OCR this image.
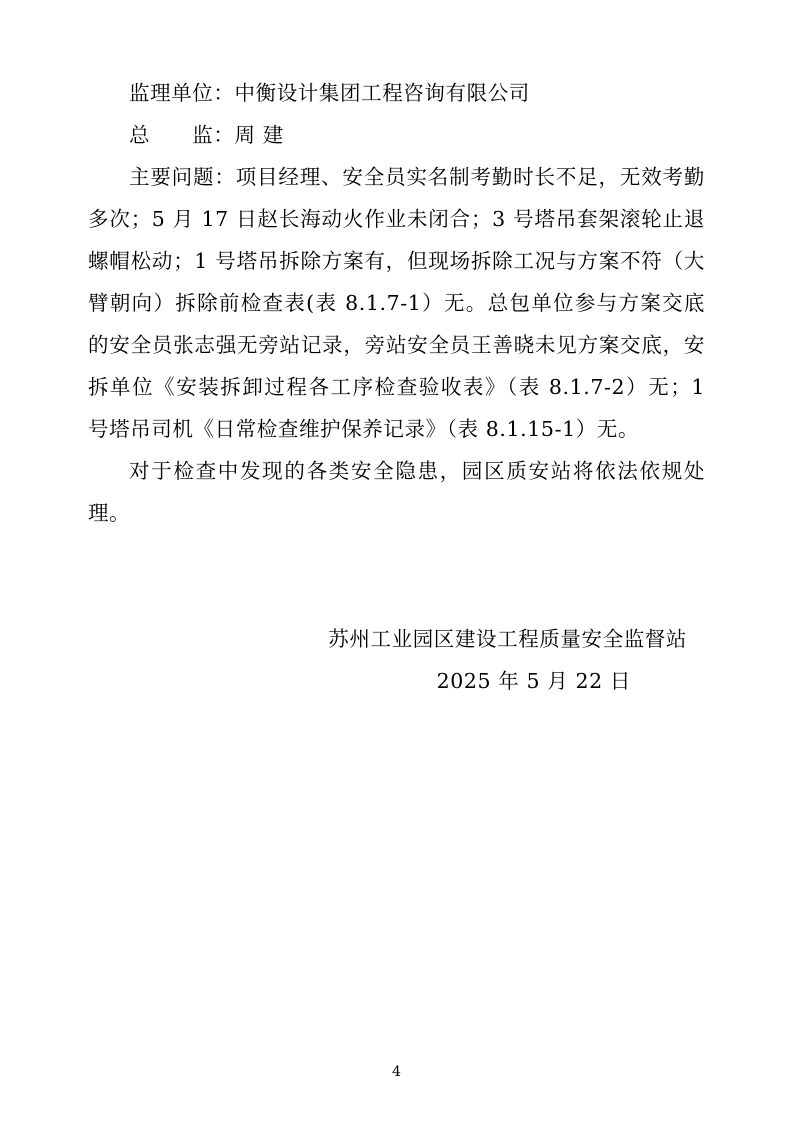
监理单位：中衡设计集团工程咨询有限公司

总　　监：周 建

主要问题：项目经理、安全员实名制考勤时长不足，无效考勤多次；5 月 17 日赵长海动火作业未闭合；3 号塔吊套架滚轮止退螺帽松动；1 号塔吊拆除方案有，但现场拆除工况与方案不符（大臂朝向）拆除前检查表(表 8.1.7-1）无。总包单位参与方案交底的安全员张志强无旁站记录，旁站安全员王善晓未见方案交底，安拆单位《安装拆卸过程各工序检查验收表》（表 8.1.7-2）无；1 号塔吊司机《日常检查维护保养记录》（表 8.1.15-1）无。

对于检查中发现的各类安全隐患，园区质安站将依法依规处理。

苏州工业园区建设工程质量安全监督站
2025 年 5 月 22 日
4
